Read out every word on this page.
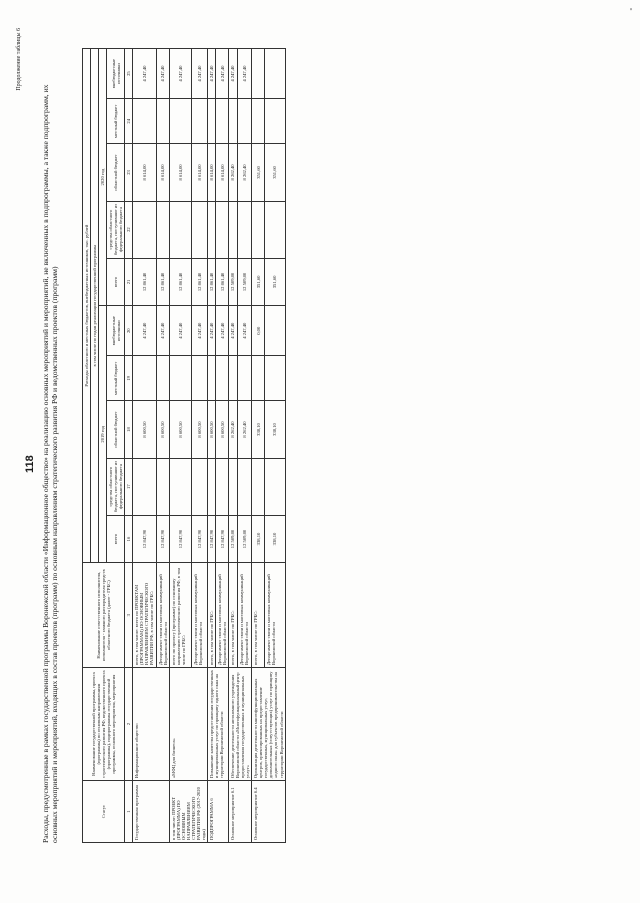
118
Продолжение таблицы 6
Расходы, предусмотренные в рамках государственной программы Воронежской области «Информационное общество» на реализацию основных мероприятий и мероприятий, не включенных в подпрограммы, а также подпрограмм, их основных мероприятий и мероприятий, входящих в состав проектов (программ) по основным направлениям стратегического развития РФ и ведомственных проектов (программ)	Статус	Наименование государственной программы, проекта (программы) по основным направлениям стратегического развития РФ, ведомственного проекта (программы), подпрограммы государственной программы, основного мероприятия, мероприятия	Наименование ответственного исполнителя, исполнителя - главного распорядителя средств областного бюджета (далее - ГРБС)	Расходы областного и местных бюджетов, внебюджетных источников, тыс. рублей									
			в том числе по годам реализации государственной программы									
			2019 год					2020 год				
			всего	средства областного бюджета, поступившие из федерального бюджета	областной бюджет	местный бюджет	внебюджетные источники	всего	средства областного бюджета, поступившие из федерального бюджета	областной бюджет	местный бюджет	внебюджетные источники
1	2	3	16	17	18	19	20	21	22	23	24	25
Государственная программа	Информационное общество	всего, в том числе: всего по ПРОЕКТАМ (ПРОГРАММАМ) ПО ОСНОВНЫМ НАПРАВЛЕНИЯМ СТРАТЕГИЧЕСКОГО РАЗВИТИЯ РФ, в том числе по ГРБС:	12 847,90		8 600,50		4 247,40	12 861,40		8 614,00		4 247,40
		Департамент связи и массовых коммуникаций Воронежской области	12 847,90		8 600,50		4 247,40	12 861,40		8 614,00		4 247,40
в том числе: ПРОЕКТ (ПРОГРАММА) ПО ОСНОВНЫМ НАПРАВЛЕНИЯМ СТРАТЕГИЧЕСКОГО РАЗВИТИЯ РФ (2017-2020 годы)	«МФЦ для бизнеса»	всего по проекту (программе) по основному направлению стратегического развития РФ, в том числе по ГРБС:	12 847,90		8 600,50		4 247,40	12 861,40		8 614,00		4 247,40
		Департамент связи и массовых коммуникаций Воронежской области	12 847,90		8 600,50		4 247,40	12 861,40		8 614,00		4 247,40
ПОДПРОГРАММА 6	Повышение качества предоставления государственных и муниципальных услуг по принципу одного окна на территории Воронежской области	всего, в том числе по ГРБС:	12 847,90		8 600,50		4 247,40	12 861,40		8 614,00		4 247,40
		Департамент связи и массовых коммуникаций Воронежской области	12 847,90		8 600,50		4 247,40	12 861,40		8 614,00		4 247,40
Основное мероприятие 6.1	Обеспечение деятельности автономного учреждения Воронежской области «Многофункциональный центр предоставления государственных и муниципальных услуг»	всего, в том числе по ГРБС:	12 509,80		8 262,40		4 247,40	12 509,80		8 262,40		4 247,40
		Департамент связи и массовых коммуникаций Воронежской области	12 509,80		8 262,40		4 247,40	12 509,80		8 262,40		4 247,40
Основное мероприятие 6.4	Организация деятельности многофункциональных центров, ориентированных на предоставление государственных, муниципальных услуг, дополнительных (сопутствующих) услуг по принципу «одного окна» для субъектов предпринимательства на территории Воронежской области	всего, в том числе по ГРБС:	338,10		338,10		0,00	351,60		351,60		
		Департамент связи и массовых коммуникаций Воронежской области	338,10		338,10			351,60		351,60		
«
